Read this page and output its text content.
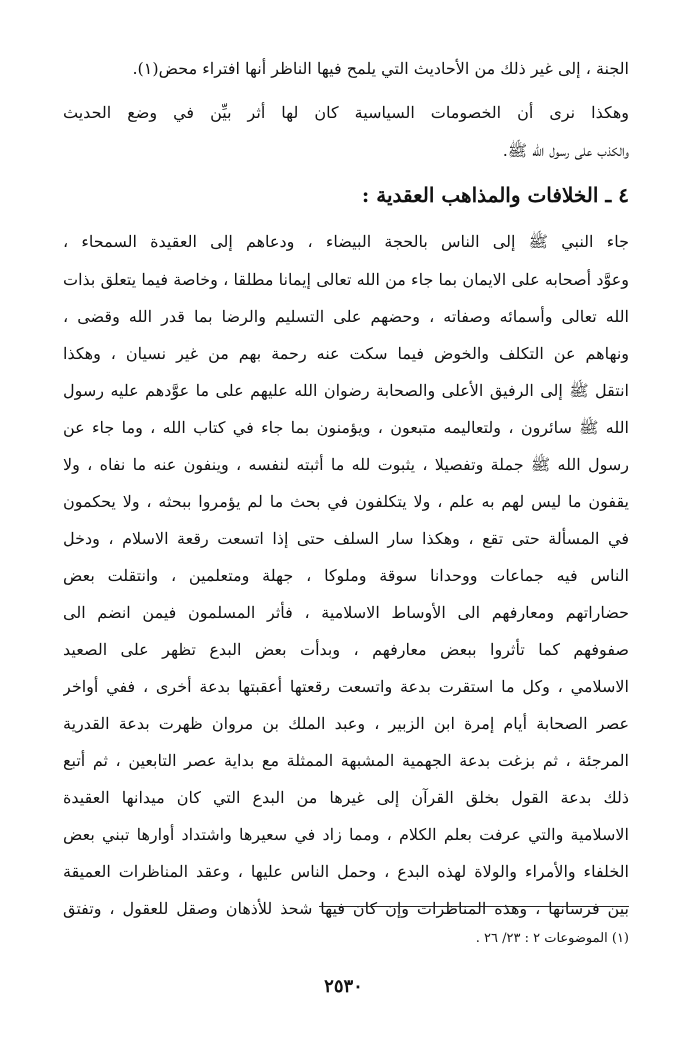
الجنة ، إلى غير ذلك من الأحاديث التي يلمح فيها الناظر أنها افتراء محض(١).
وهكذا نرى أن الخصومات السياسية كان لها أثر بيِّن في وضع الحديث
والكذب على رسول الله ﷺ.
٤ ـ الخلافات والمذاهب العقدية :
جاء النبي ﷺ إلى الناس بالحجة البيضاء ، ودعاهم إلى العقيدة السمحاء ،
وعوَّد أصحابه على الايمان بما جاء من الله تعالى إيمانا مطلقا ، وخاصة فيما يتعلق بذات
الله تعالى وأسمائه وصفاته ، وحضهم على التسليم والرضا بما قدر الله وقضى ،
ونهاهم عن التكلف والخوض فيما سكت عنه رحمة بهم من غير نسيان ، وهكذا
انتقل ﷺ إلى الرفيق الأعلى والصحابة رضوان الله عليهم على ما عوَّدهم عليه رسول
الله ﷺ سائرون ، ولتعاليمه متبعون ، ويؤمنون بما جاء في كتاب الله ، وما جاء عن
رسول الله ﷺ جملة وتفصيلا ، يثبوت لله ما أثبته لنفسه ، وينفون عنه ما نفاه ، ولا
يقفون ما ليس لهم به علم ، ولا يتكلفون في بحث ما لم يؤمروا ببحثه ، ولا يحكمون
في المسألة حتى تقع ، وهكذا سار السلف حتى إذا اتسعت رقعة الاسلام ، ودخل
الناس فيه جماعات ووحدانا سوقة وملوكا ، جهلة ومتعلمين ، وانتقلت بعض
حضاراتهم ومعارفهم الى الأوساط الاسلامية ، فأثر المسلمون فيمن انضم الى
صفوفهم كما تأثروا ببعض معارفهم ، وبدأت بعض البدع تظهر على الصعيد
الاسلامي ، وكل ما استقرت بدعة واتسعت رقعتها أعقبتها بدعة أخرى ، ففي أواخر
عصر الصحابة أيام إمرة ابن الزبير ، وعبد الملك بن مروان ظهرت بدعة القدرية
المرجئة ، ثم بزغت بدعة الجهمية المشبهة الممثلة مع بداية عصر التابعين ، ثم أتبع
ذلك بدعة القول بخلق القرآن إلى غيرها من البدع التي كان ميدانها العقيدة
الاسلامية والتي عرفت بعلم الكلام ، ومما زاد في سعيرها واشتداد أوارها تبني بعض
الخلفاء والأمراء والولاة لهذه البدع ، وحمل الناس عليها ، وعقد المناظرات العميقة
بين فرسانها ، وهذه المناظرات وإن كان فيها شحذ للأذهان وصقل للعقول ، وتفتق
(١) الموضوعات ٢ : ٢٣/ ٢٦ .
٢٥٣٠
